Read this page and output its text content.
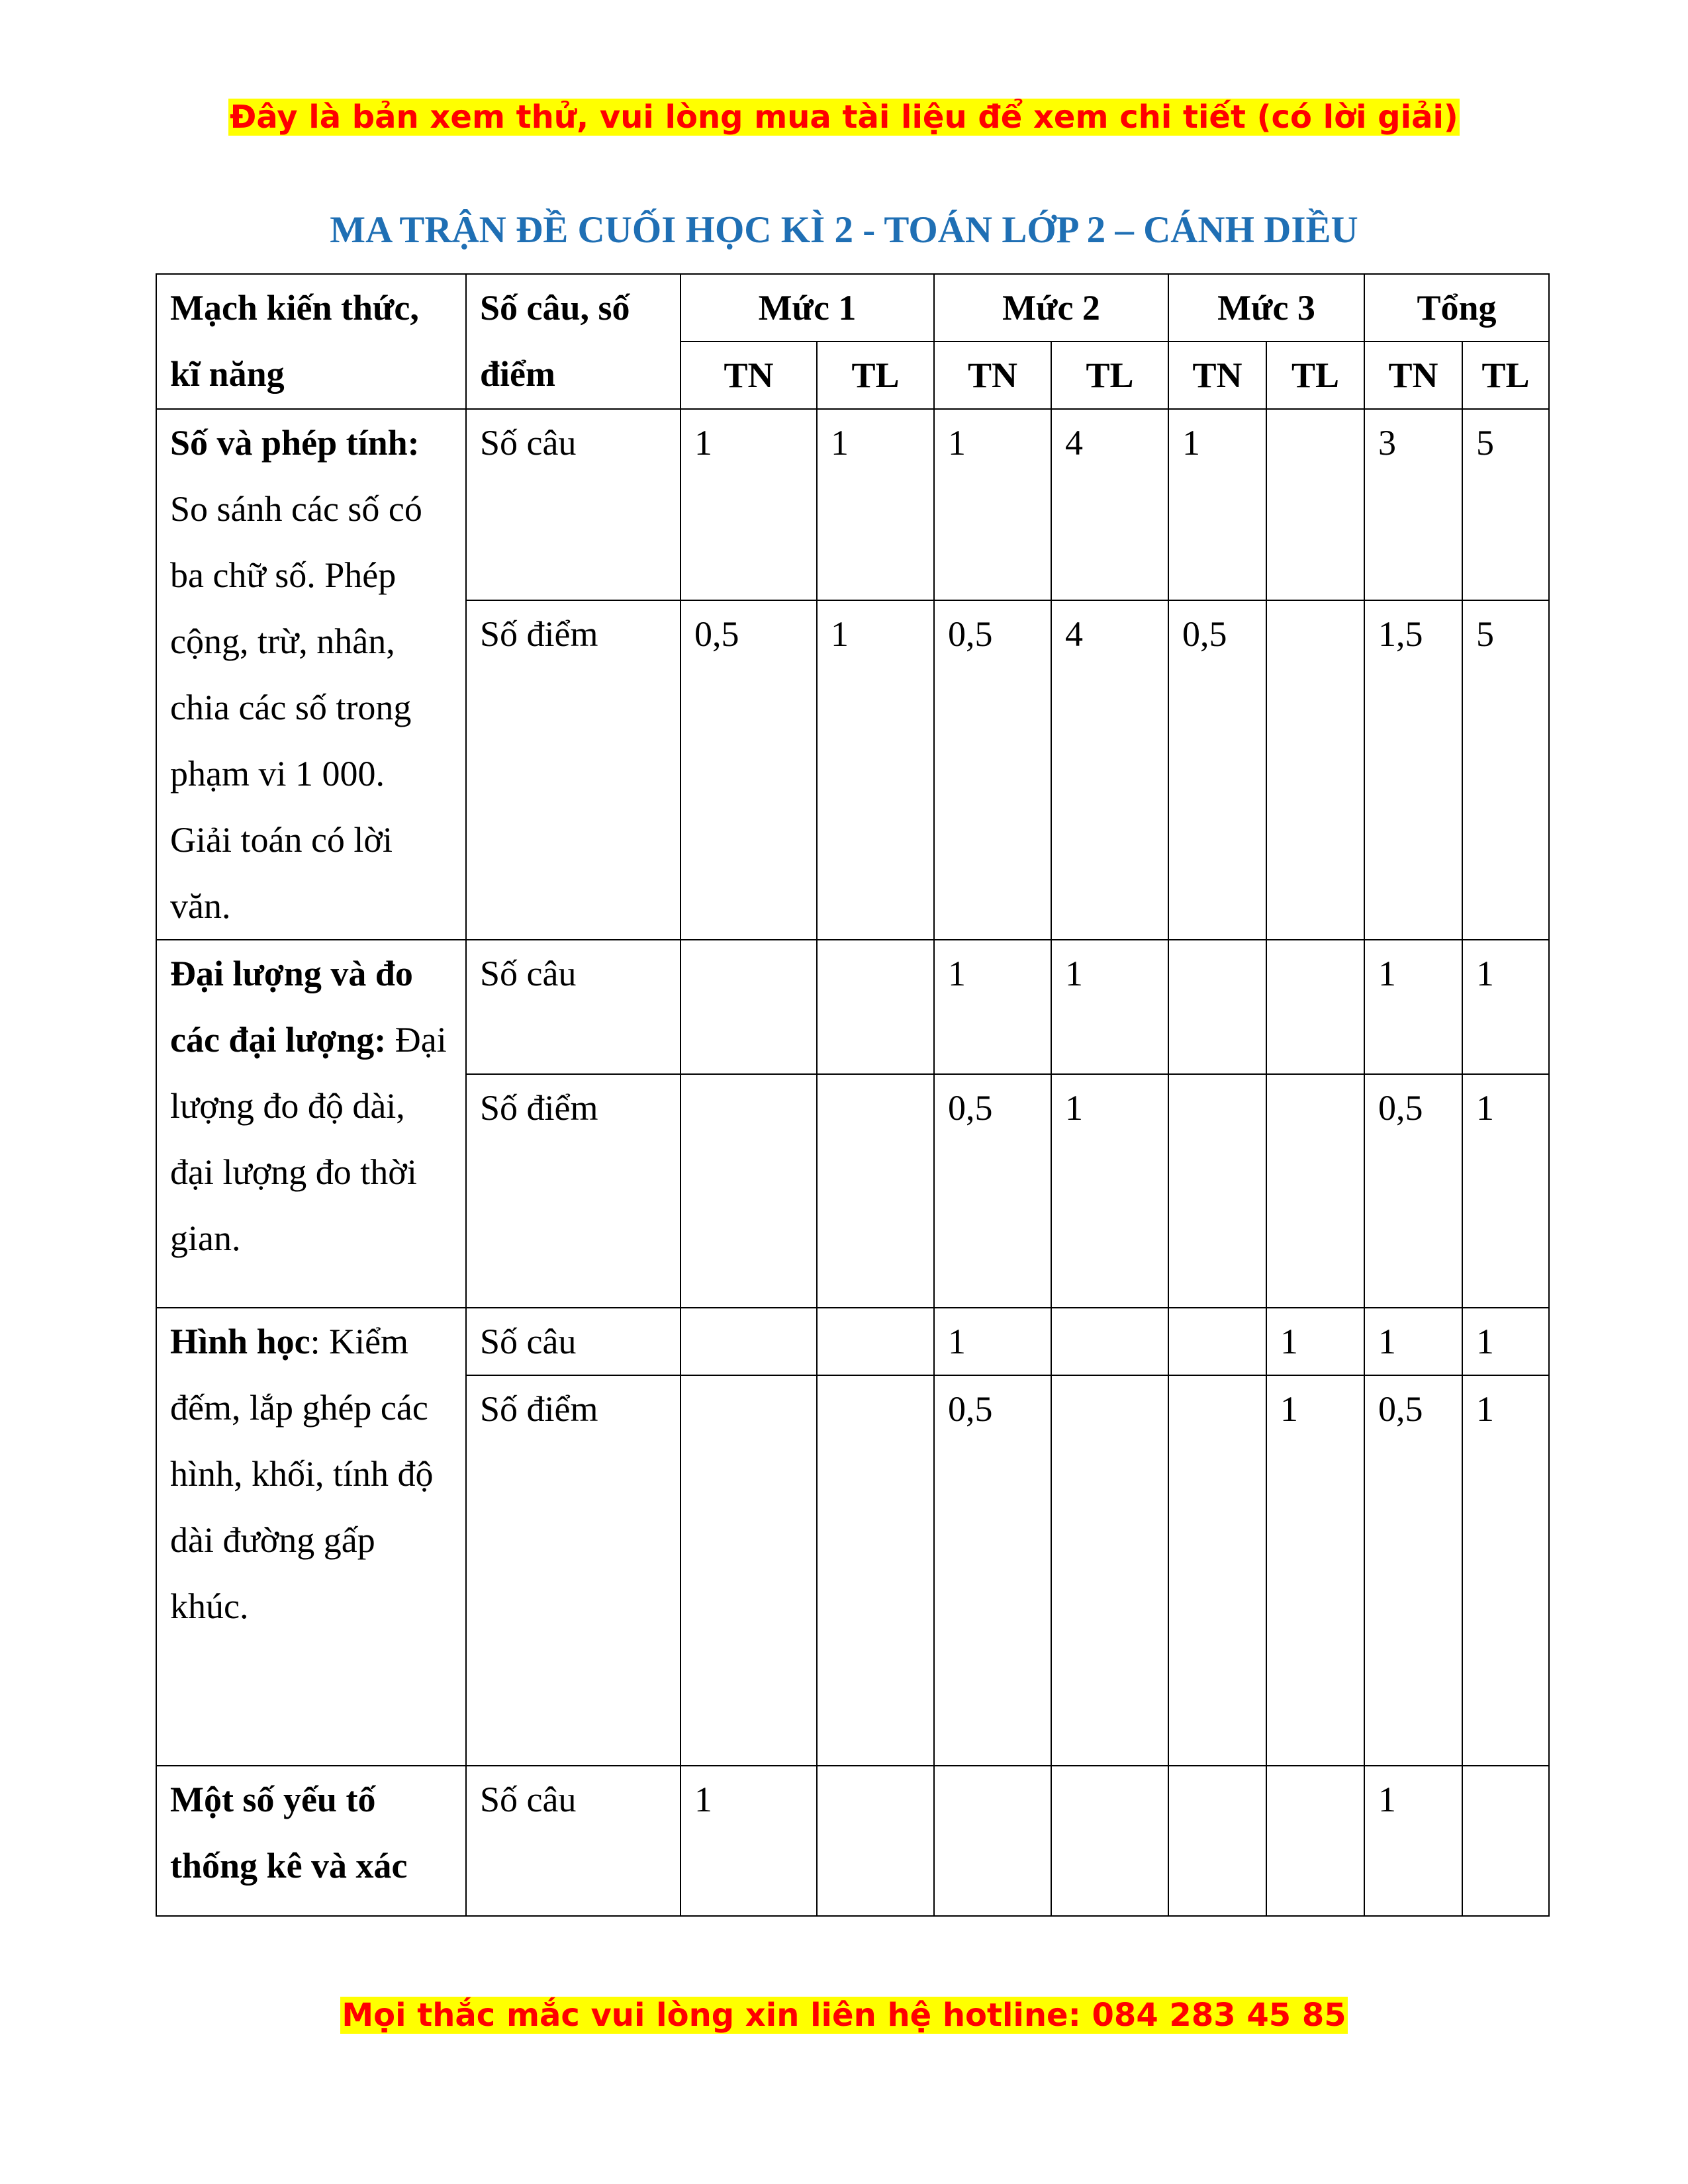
Đây là bản xem thử, vui lòng mua tài liệu để xem chi tiết (có lời giải)
MA TRẬN ĐỀ CUỐI HỌC KÌ 2 - TOÁN LỚP 2 – CÁNH DIỀU
Mạch kiến thức, kĩ năng	Số câu, số điểm	Mức 1		Mức 2		Mức 3		Tổng	
		TN	TL	TN	TL	TN	TL	TN	TL
Số và phép tính: So sánh các số có ba chữ số. Phép cộng, trừ, nhân, chia các số trong phạm vi 1 000. Giải toán có lời văn.	Số câu	1	1	1	4	1		3	5
	Số điểm	0,5	1	0,5	4	0,5		1,5	5
Đại lượng và đo các đại lượng: Đại lượng đo độ dài, đại lượng đo thời gian.	Số câu			1	1			1	1
	Số điểm			0,5	1			0,5	1
Hình học: Kiểm đếm, lắp ghép các hình, khối, tính độ dài đường gấp khúc.	Số câu			1			1	1	1
	Số điểm			0,5			1	0,5	1
Một số yếu tố thống kê và xác	Số câu	1						1	
Mọi thắc mắc vui lòng xin liên hệ hotline: 084 283 45 85
